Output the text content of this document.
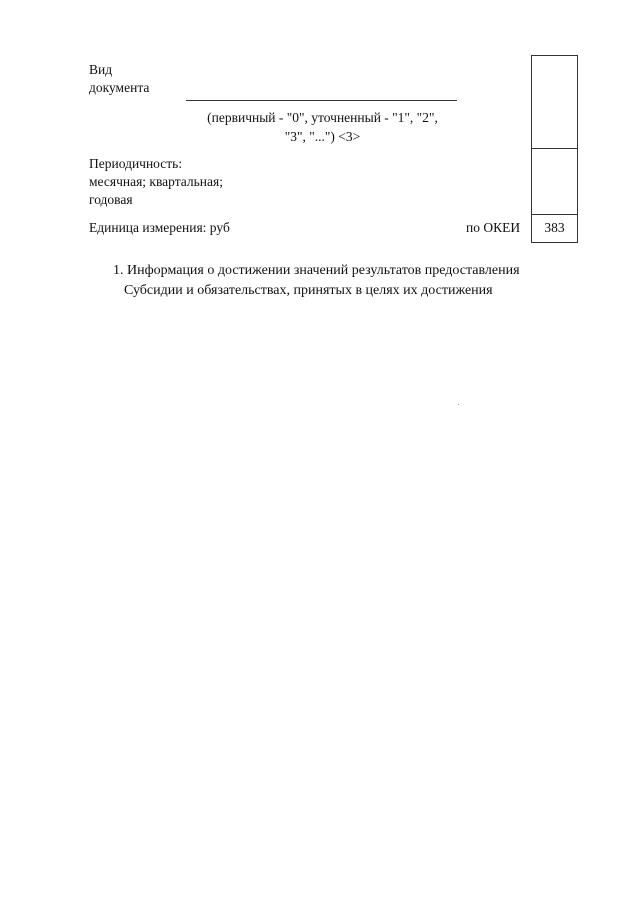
Вид
документа
(первичный - "0", уточненный - "1", "2",
"3", "...") <3>
Периодичность:
месячная; квартальная;
годовая
Единица измерения: руб	по ОКЕИ	383
1. Информация о достижении значений результатов предоставления
Субсидии и обязательствах, принятых в целях их достижения
